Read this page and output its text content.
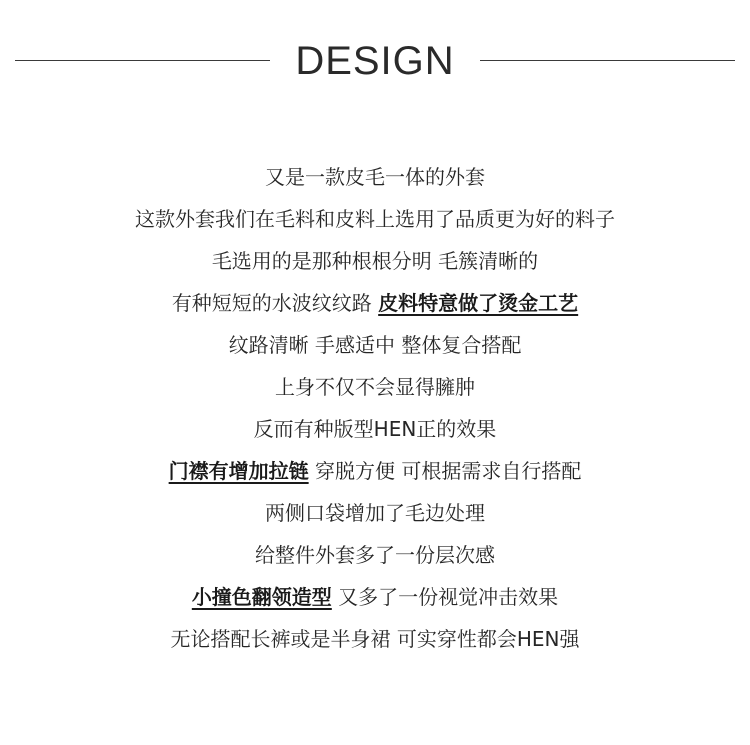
DESIGN
又是一款皮毛一体的外套
这款外套我们在毛料和皮料上选用了品质更为好的料子
毛选用的是那种根根分明 毛簇清晰的
有种短短的水波纹纹路 皮料特意做了烫金工艺
纹路清晰 手感适中 整体复合搭配
上身不仅不会显得臃肿
反而有种版型HEN正的效果
门襟有增加拉链 穿脱方便 可根据需求自行搭配
两侧口袋增加了毛边处理
给整件外套多了一份层次感
小撞色翻领造型 又多了一份视觉冲击效果
无论搭配长裤或是半身裙 可实穿性都会HEN强
